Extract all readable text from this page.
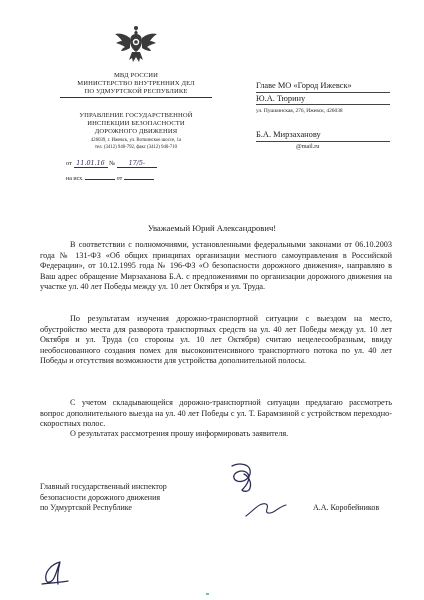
МВД РОССИИ
МИНИСТЕРСТВО ВНУТРЕННИХ ДЕЛ
ПО УДМУРТСКОЙ РЕСПУБЛИКЕ
УПРАВЛЕНИЕ ГОСУДАРСТВЕННОЙ
ИНСПЕКЦИИ БЕЗОПАСНОСТИ
ДОРОЖНОГО ДВИЖЕНИЯ
426039, г. Ижевск, ул. Воткинское шоссе, 1а
тел. (3412) 940-792, факс (3412) 940-710
от 11.01.16 № 17/5-
на исх.	от
Главе МО «Город Ижевск»
Ю.А. Тюрину
ул. Пушкинская, 276, Ижевск, 426038
Б.А. Мирзаханову
@mail.ru
Уважаемый Юрий Александрович!

В соответствии с полномочиями, установленными федеральными законами от 06.10.2003 года № 131-ФЗ «Об общих принципах организации местного самоуправления в Российской Федерации», от 10.12.1995 года № 196-ФЗ «О безопасности дорожного движения», направляю в Ваш адрес обращение Мирзаханова Б.А. с предложениями по организации дорожного движения на участке ул. 40 лет Победы между ул. 10 лет Октября и ул. Труда.

По результатам изучения дорожно-транспортной ситуации с выездом на место, обустройство места для разворота транспортных средств на ул. 40 лет Победы между ул. 10 лет Октября и ул. Труда (со стороны ул. 10 лет Октября) считаю нецелесообразным, ввиду необоснованного создания помех для высокоинтенсивного транспортного потока по ул. 40 лет Победы и отсутствия возможности для устройства дополнительной полосы.

С учетом складывающейся дорожно-транспортной ситуации предлагаю рассмотреть вопрос дополнительного выезда на ул. 40 лет Победы с ул. Т. Барамзиной с устройством переходно-скоростных полос.

О результатах рассмотрения прошу информировать заявителя.

Главный государственный инспектор
безопасности дорожного движения
по Удмуртской Республике	А.А. Коробейников
